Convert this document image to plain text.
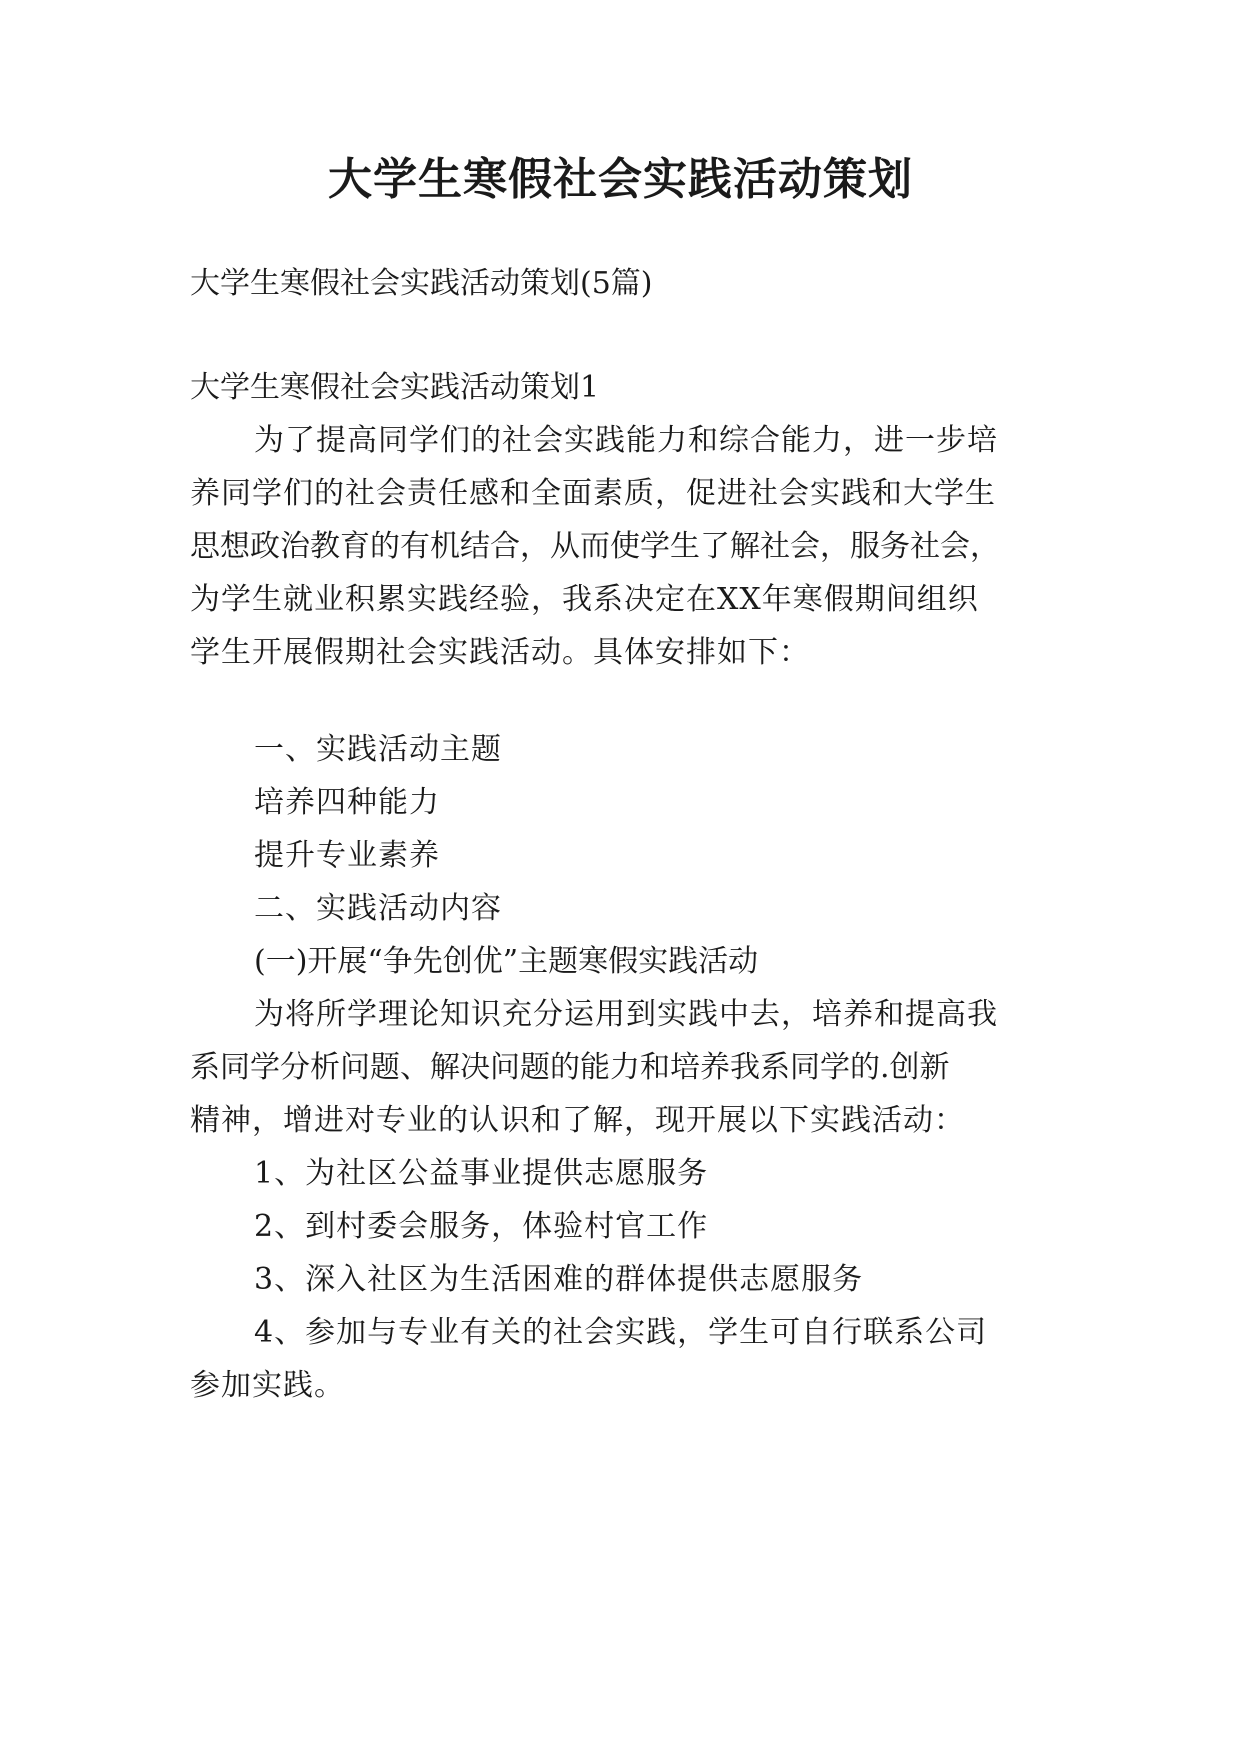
大学生寒假社会实践活动策划
大学生寒假社会实践活动策划(5篇)
大学生寒假社会实践活动策划1
为了提高同学们的社会实践能力和综合能力，进一步培
养同学们的社会责任感和全面素质，促进社会实践和大学生
思想政治教育的有机结合，从而使学生了解社会，服务社会，
为学生就业积累实践经验，我系决定在XX年寒假期间组织
学生开展假期社会实践活动。具体安排如下：
一、实践活动主题
培养四种能力
提升专业素养
二、实践活动内容
(一)开展“争先创优”主题寒假实践活动
为将所学理论知识充分运用到实践中去，培养和提高我
系同学分析问题、解决问题的能力和培养我系同学的.创新
精神，增进对专业的认识和了解，现开展以下实践活动：
1、为社区公益事业提供志愿服务
2、到村委会服务，体验村官工作
3、深入社区为生活困难的群体提供志愿服务
4、参加与专业有关的社会实践，学生可自行联系公司
参加实践。
